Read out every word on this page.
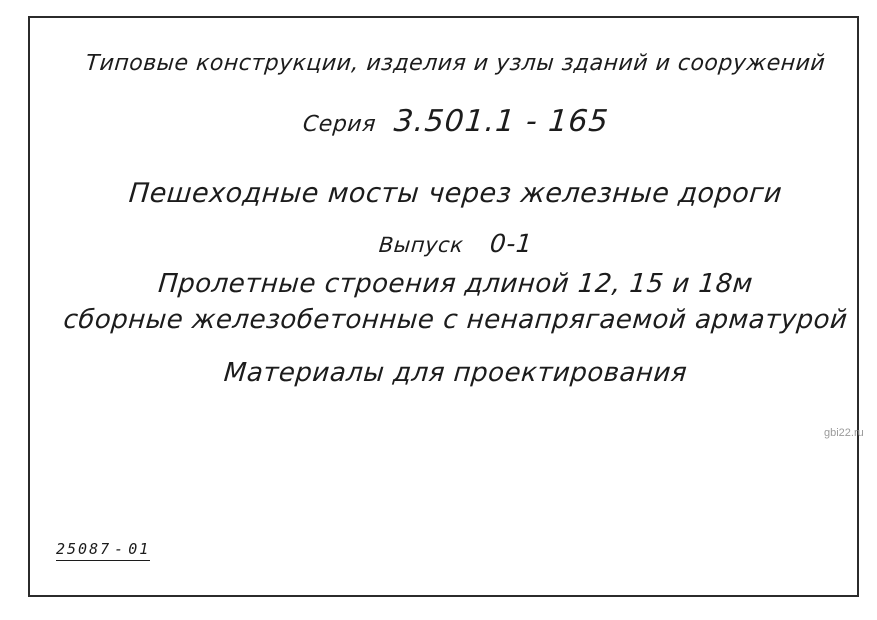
Типовые конструкции, изделия и узлы зданий и сооружений
Серия 3.501.1 - 165
Пешеходные мосты через железные дороги
Выпуск 0-1
Пролетные строения длиной 12, 15 и 18м
сборные железобетонные с ненапрягаемой арматурой
Материалы для проектирования
25087 - 01
gbi22.ru
